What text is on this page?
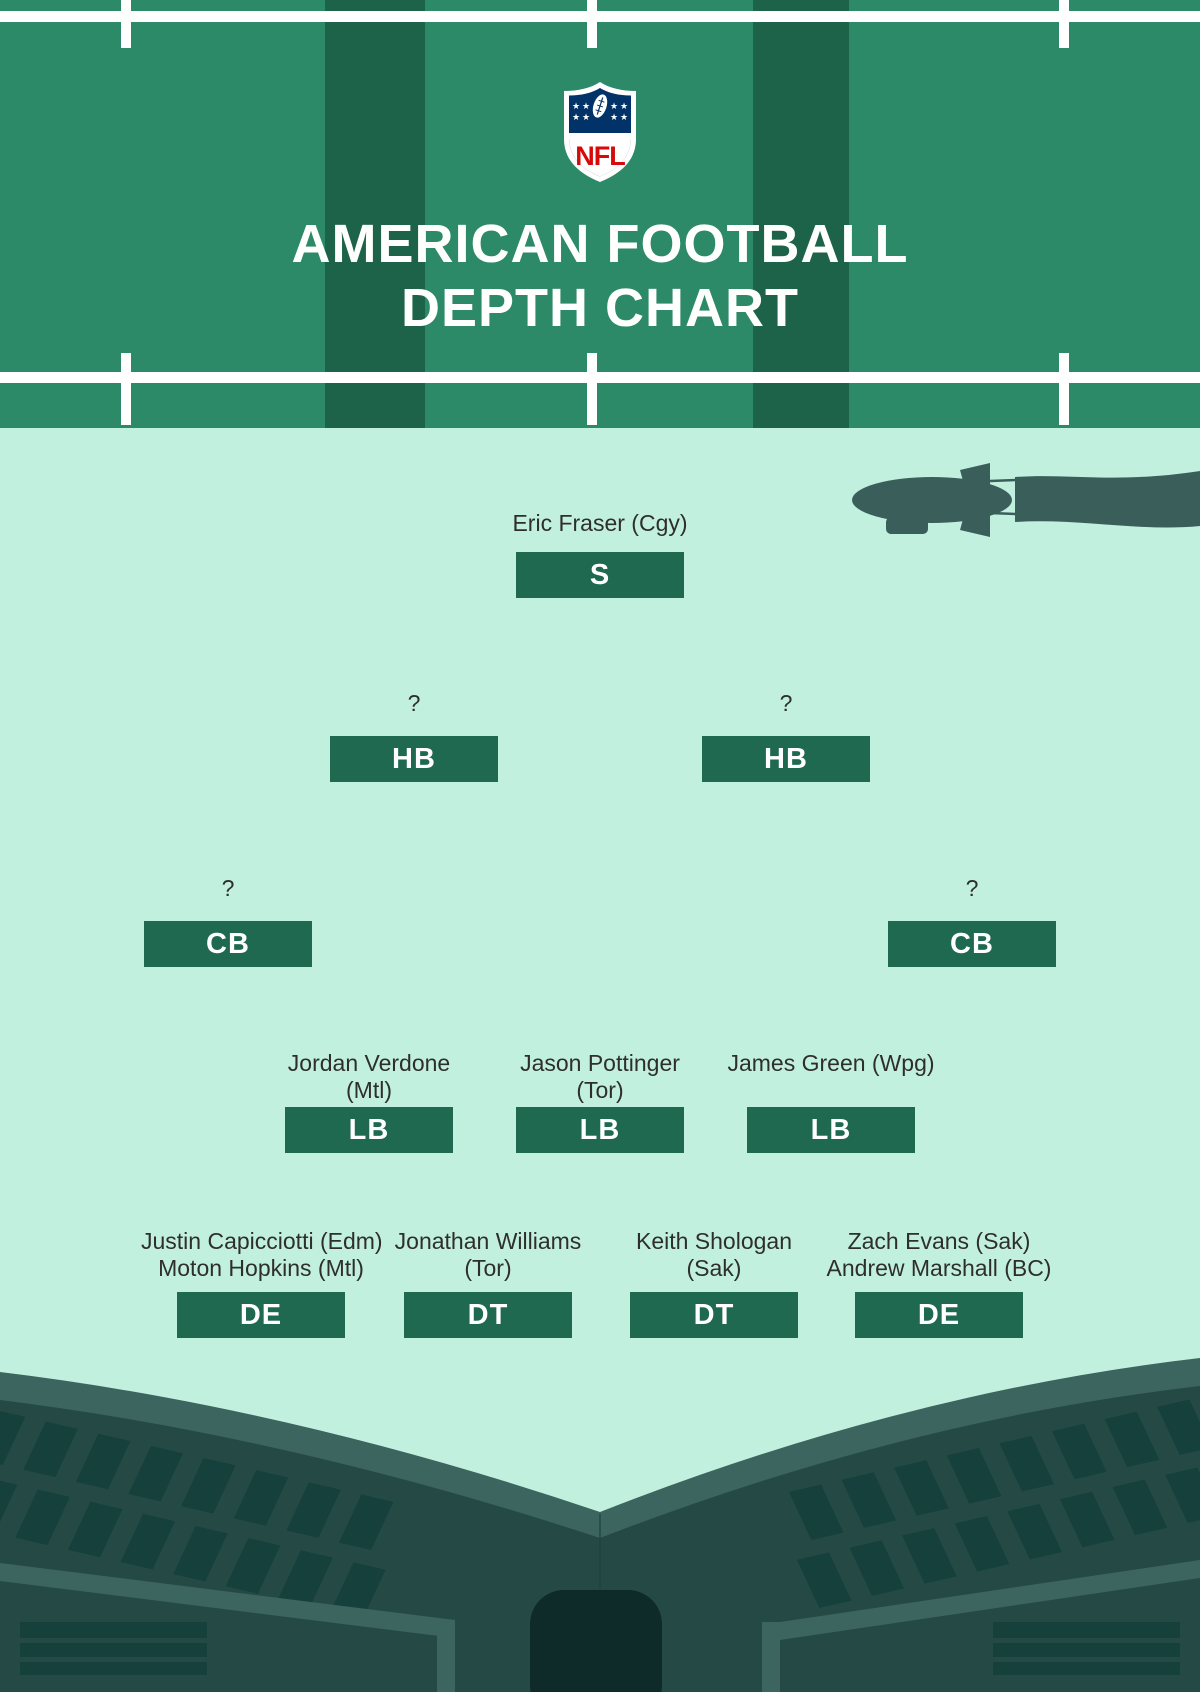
★ ★
★ ★
★ ★
★ ★
NFL
AMERICAN FOOTBALL
DEPTH CHART
Eric Fraser (Cgy)
S
?
HB
?
HB
?
CB
?
CB
Jordan Verdone
(Mtl)
LB
Jason Pottinger
(Tor)
LB
James Green (Wpg)
LB
Justin Capicciotti (Edm)
Moton Hopkins (Mtl)
DE
Jonathan Williams
(Tor)
DT
Keith Shologan
(Sak)
DT
Zach Evans (Sak)
Andrew Marshall (BC)
DE
